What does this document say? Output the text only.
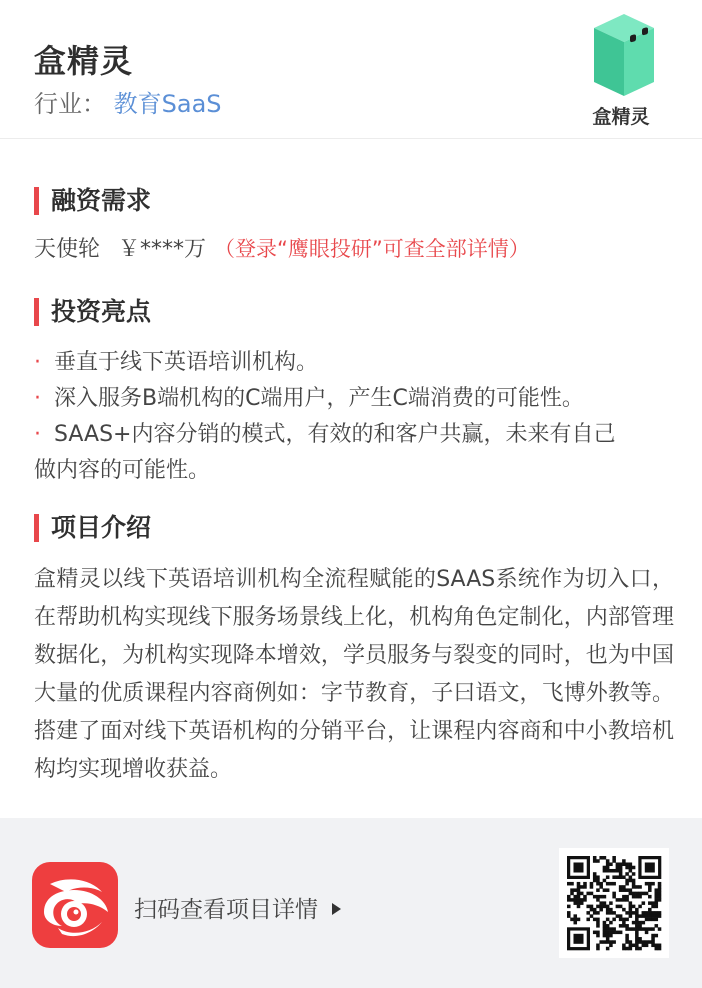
盒精灵
行业： 教育SaaS	盒精灵
融资需求
天使轮 ￥****万 （登录“鹰眼投研”可查全部详情）
投资亮点
· 垂直于线下英语培训机构。
· 深入服务B端机构的C端用户，产生C端消费的可能性。
· SAAS+内容分销的模式，有效的和客户共赢，未来有自己
做内容的可能性。
项目介绍
盒精灵以线下英语培训机构全流程赋能的SAAS系统作为切入口，在帮助机构实现线下服务场景线上化，机构角色定制化，内部管理数据化，为机构实现降本增效，学员服务与裂变的同时，也为中国大量的优质课程内容商例如：字节教育，子曰语文，飞博外教等。搭建了面对线下英语机构的分销平台，让课程内容商和中小教培机构均实现增收获益。
扫码查看项目详情
